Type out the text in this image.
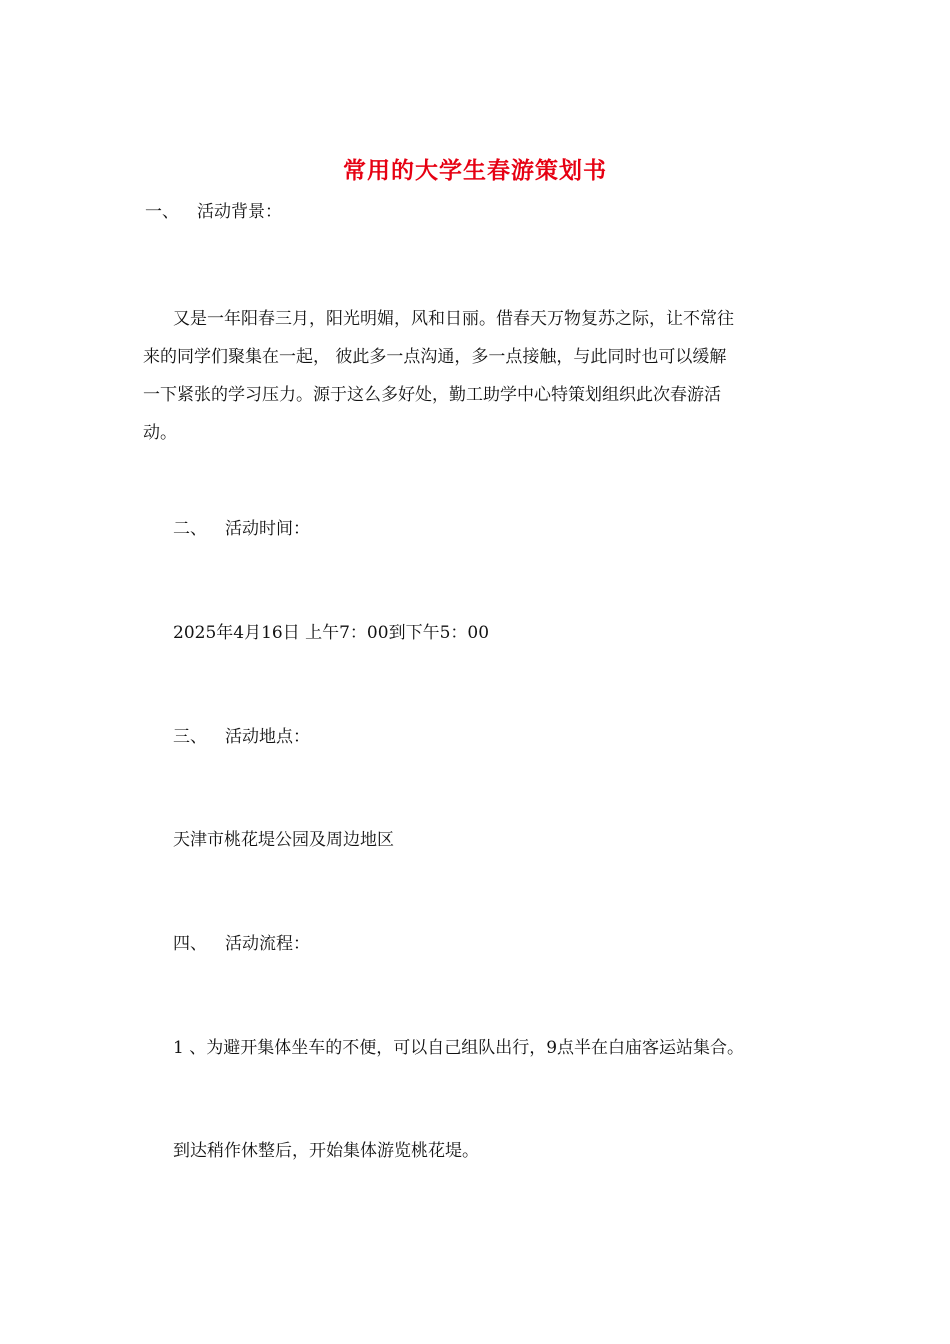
常用的大学生春游策划书
一、 活动背景：
又是一年阳春三月，阳光明媚，风和日丽。借春天万物复苏之际，让不常往
来的同学们聚集在一起， 彼此多一点沟通，多一点接触，与此同时也可以缓解
一下紧张的学习压力。源于这么多好处，勤工助学中心特策划组织此次春游活
动。
二、 活动时间：
2025年4月16日 上午7：00到下午5：00
三、 活动地点：
天津市桃花堤公园及周边地区
四、 活动流程：
1 、为避开集体坐车的不便，可以自己组队出行，9点半在白庙客运站集合。
到达稍作休整后，开始集体游览桃花堤。
